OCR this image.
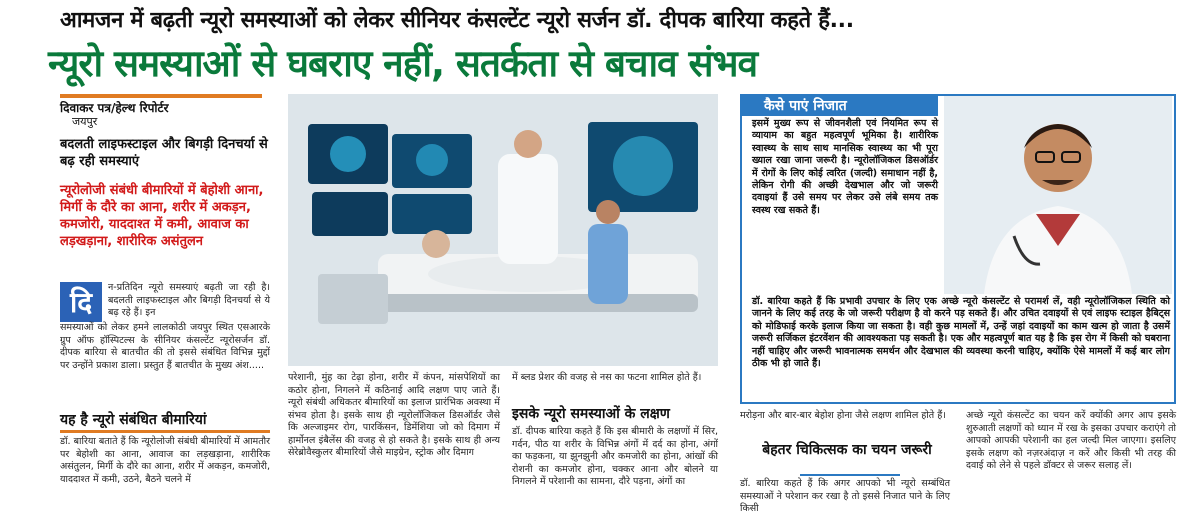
आमजन में बढ़ती न्यूरो समस्याओं को लेकर सीनियर कंसल्टेंट न्यूरो सर्जन डॉ. दीपक बारिया कहते हैं...
न्यूरो समस्याओं से घबराए नहीं, सतर्कता से बचाव संभव
दिवाकर पत्र/हेल्थ रिपोर्टर
जयपुर
बदलती लाइफस्टाइल और बिगड़ी दिनचर्या से बढ़ रही समस्याएं
न्यूरोलोजी संबंधी बीमारियों में बेहोशी आना, मिर्गी के दौरे का आना, शरीर में अकड़न, कमजोरी, याददाश्त में कमी, आवाज का लड़खड़ाना, शारीरिक असंतुलन
दि	न-प्रतिदिन न्यूरो समस्याएं बढ़ती जा रही है। बदलती लाइफस्टाइल और बिगड़ी दिनचर्या से ये बढ़ रहे हैं। इन
समस्याओं को लेकर हमने लालकोठी जयपुर स्थित एसआरके ग्रुप ऑफ हॉस्पिटल्स के सीनियर कंसल्टेंट न्यूरोसर्जन डॉ. दीपक बारिया से बातचीत की तो इससे संबंधित विभिन्न मुद्दों पर उन्होंने प्रकाश डाला। प्रस्तुत हैं बातचीत के मुख्य अंश.....
यह है न्यूरो संबंधित बीमारियां
डॉ. बारिया बताते हैं कि न्यूरोलोजी संबंधी बीमारियों में आमतौर पर बेहोशी का आना, आवाज का लड़खड़ाना, शारीरिक असंतुलन, मिर्गी के दौरे का आना, शरीर में अकड़न, कमजोरी, याददाश्त में कमी, उठने, बैठने चलने में
परेशानी, मुंह का टेढ़ा होना, शरीर में कंपन, मांसपेशियों का कठोर होना, निगलने में कठिनाई आदि लक्षण पाए जाते हैं। न्यूरो संबंधी अधिकतर बीमारियों का इलाज प्रारंभिक अवस्था में संभव होता है। इसके साथ ही न्यूरोलॉजिकल डिसऑर्डर जैसे कि अल्जाइमर रोग, पारकिंसन, डिमेंशिया जो को दिमाग में हार्मोनल इंबैलेंस की वजह से हो सकते है। इसके साथ ही अन्य सेरेब्रोवैस्कुलर बीमारियों जैसे माइग्रेन, स्ट्रोक और दिमाग
में ब्लड प्रेशर की वजह से नस का फटना शामिल होते हैं।
इसके न्यूरो समस्याओं के लक्षण
डॉ. दीपक बारिया कहते हैं कि इस बीमारी के लक्षणों में सिर, गर्दन, पीठ या शरीर के विभिन्न अंगों में दर्द का होना, अंगों का फड़कना, या झुनझुनी और कमजोरी का होना, आंखों की रोशनी का कमजोर होना, चक्कर आना और बोलने या निगलने में परेशानी का सामना, दौरे पड़ना, अंगों का
कैसे पाएं निजात
इसमें मुख्य रूप से जीवनशैली एवं नियमित रूप से व्यायाम का बहुत महत्वपूर्ण भूमिका है। शारीरिक स्वास्थ्य के साथ साथ मानसिक स्वास्थ्य का भी पूरा ख्याल रखा जाना जरूरी है। न्यूरोलॉजिकल डिसऑर्डर में रोगों के लिए कोई त्वरित (जल्दी) समाधान नहीं है, लेकिन रोगी की अच्छी देखभाल और जो जरूरी दवाइयां हैं उसे समय पर लेकर उसे लंबे समय तक स्वस्थ रख सकते हैं।
डॉ. बारिया कहते हैं कि प्रभावी उपचार के लिए एक अच्छे न्यूरो कंसल्टेंट से परामर्श लें, वही न्यूरोलॉजिकल स्थिति को जानने के लिए कई तरह के जो जरूरी परीक्षण है वो करने पड़ सकते हैं। और उचित दवाइयों से एवं लाइफ स्टाइल हैबिट्स को मोडिफाई करके इलाज किया जा सकता है। वही कुछ मामलों में, उन्हें जहां दवाइयों का काम खत्म हो जाता है उसमें जरूरी सर्जिकल इंटरवेंशन की आवश्यकता पड़ सकती है। एक और महत्वपूर्ण बात यह है कि इस रोग में किसी को घबराना नहीं चाहिए और जरूरी भावनात्मक समर्थन और देखभाल की व्यवस्था करनी चाहिए, क्योंकि ऐसे मामलों में कई बार लोग ठीक भी हो जाते हैं।
मरोड़ना और बार-बार बेहोश होना जैसे लक्षण शामिल होते हैं।
बेहतर चिकित्सक का चयन जरूरी
डॉ. बारिया कहते हैं कि अगर आपको भी न्यूरो सम्बंधित समस्याओं ने परेशान कर रखा है तो इससे निजात पाने के लिए किसी
अच्छे न्यूरो कंसल्टेंट का चयन करें क्योंकी अगर आप इसके शुरुआती लक्षणों को ध्यान में रख के इसका उपचार कराएंगे तो आपको आपकी परेशानी का हल जल्दी मिल जाएगा। इसलिए इसके लक्षण को नज़रअंदाज़ न करें और किसी भी तरह की दवाई को लेने से पहले डॉक्टर से जरूर सलाह लें।
